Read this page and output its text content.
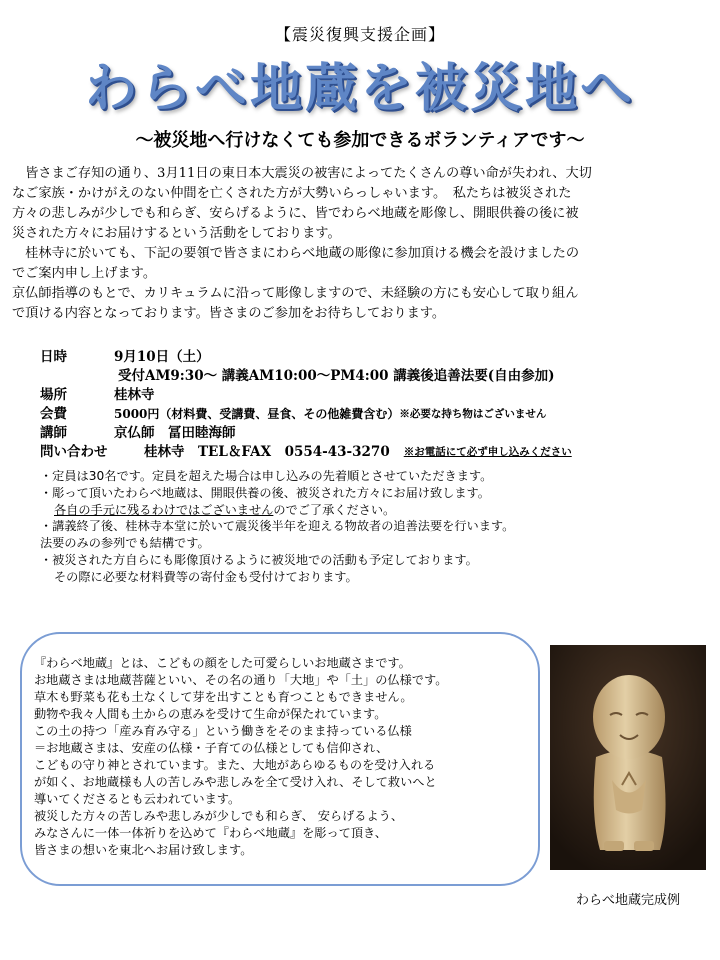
【震災復興支援企画】
わらべ地蔵を被災地へ
～被災地へ行けなくても参加できるボランティアです～

　皆さまご存知の通り、3月11日の東日本大震災の被害によってたくさんの尊い命が失われ、大切

なご家族・かけがえのない仲間を亡くされた方が大勢いらっしゃいます。　私たちは被災された

方々の悲しみが少しでも和らぎ、安らげるように、皆でわらべ地蔵を彫像し、開眼供養の後に被

災された方々にお届けするという活動をしております。

　桂林寺に於いても、下記の要領で皆さまにわらべ地蔵の彫像に参加頂ける機会を設けましたの

でご案内申し上げます。

京仏師指導のもとで、カリキュラムに沿って彫像しますので、未経験の方にも安心して取り組ん

で頂ける内容となっております。皆さまのご参加をお待ちしております。

日時	9月10日（土）
受付AM9:30～ 講義AM10:00～PM4:00 講義後追善法要(自由参加)
場所	桂林寺
会費	5000円（材料費、受講費、昼食、その他雑費含む） ※必要な持ち物はございません
講師	京仏師　冨田睦海師
問い合わせ	桂林寺　TEL＆FAX　0554-43-3270 ※お電話にて必ず申し込みください
・定員は30名です。定員を超えた場合は申し込みの先着順とさせていただきます。
・彫って頂いたわらべ地蔵は、開眼供養の後、被災された方々にお届け致します。
各自の手元に残るわけではございませんのでご了承ください。
・講義終了後、桂林寺本堂に於いて震災後半年を迎える物故者の追善法要を行います。
法要のみの参列でも結構です。
・被災された方自らにも彫像頂けるように被災地での活動も予定しております。
その際に必要な材料費等の寄付金も受付けております。
『わらべ地蔵』とは、こどもの顔をした可愛らしいお地蔵さまです。
お地蔵さまは地蔵菩薩といい、その名の通り「大地」や「土」の仏様です。
草木も野菜も花も土なくして芽を出すことも育つこともできません。
動物や我々人間も土からの恵みを受けて生命が保たれています。
この土の持つ「産み育み守る」という働きをそのまま持っている仏様
＝お地蔵さまは、安産の仏様・子育ての仏様としても信仰され、
こどもの守り神とされています。また、大地があらゆるものを受け入れる
が如く、お地蔵様も人の苦しみや悲しみを全て受け入れ、そして救いへと
導いてくださるとも云われています。
被災した方々の苦しみや悲しみが少しでも和らぎ、 安らげるよう、
みなさんに一体一体祈りを込めて『わらべ地蔵』を彫って頂き、
皆さまの想いを東北へお届け致します。
わらべ地蔵完成例
